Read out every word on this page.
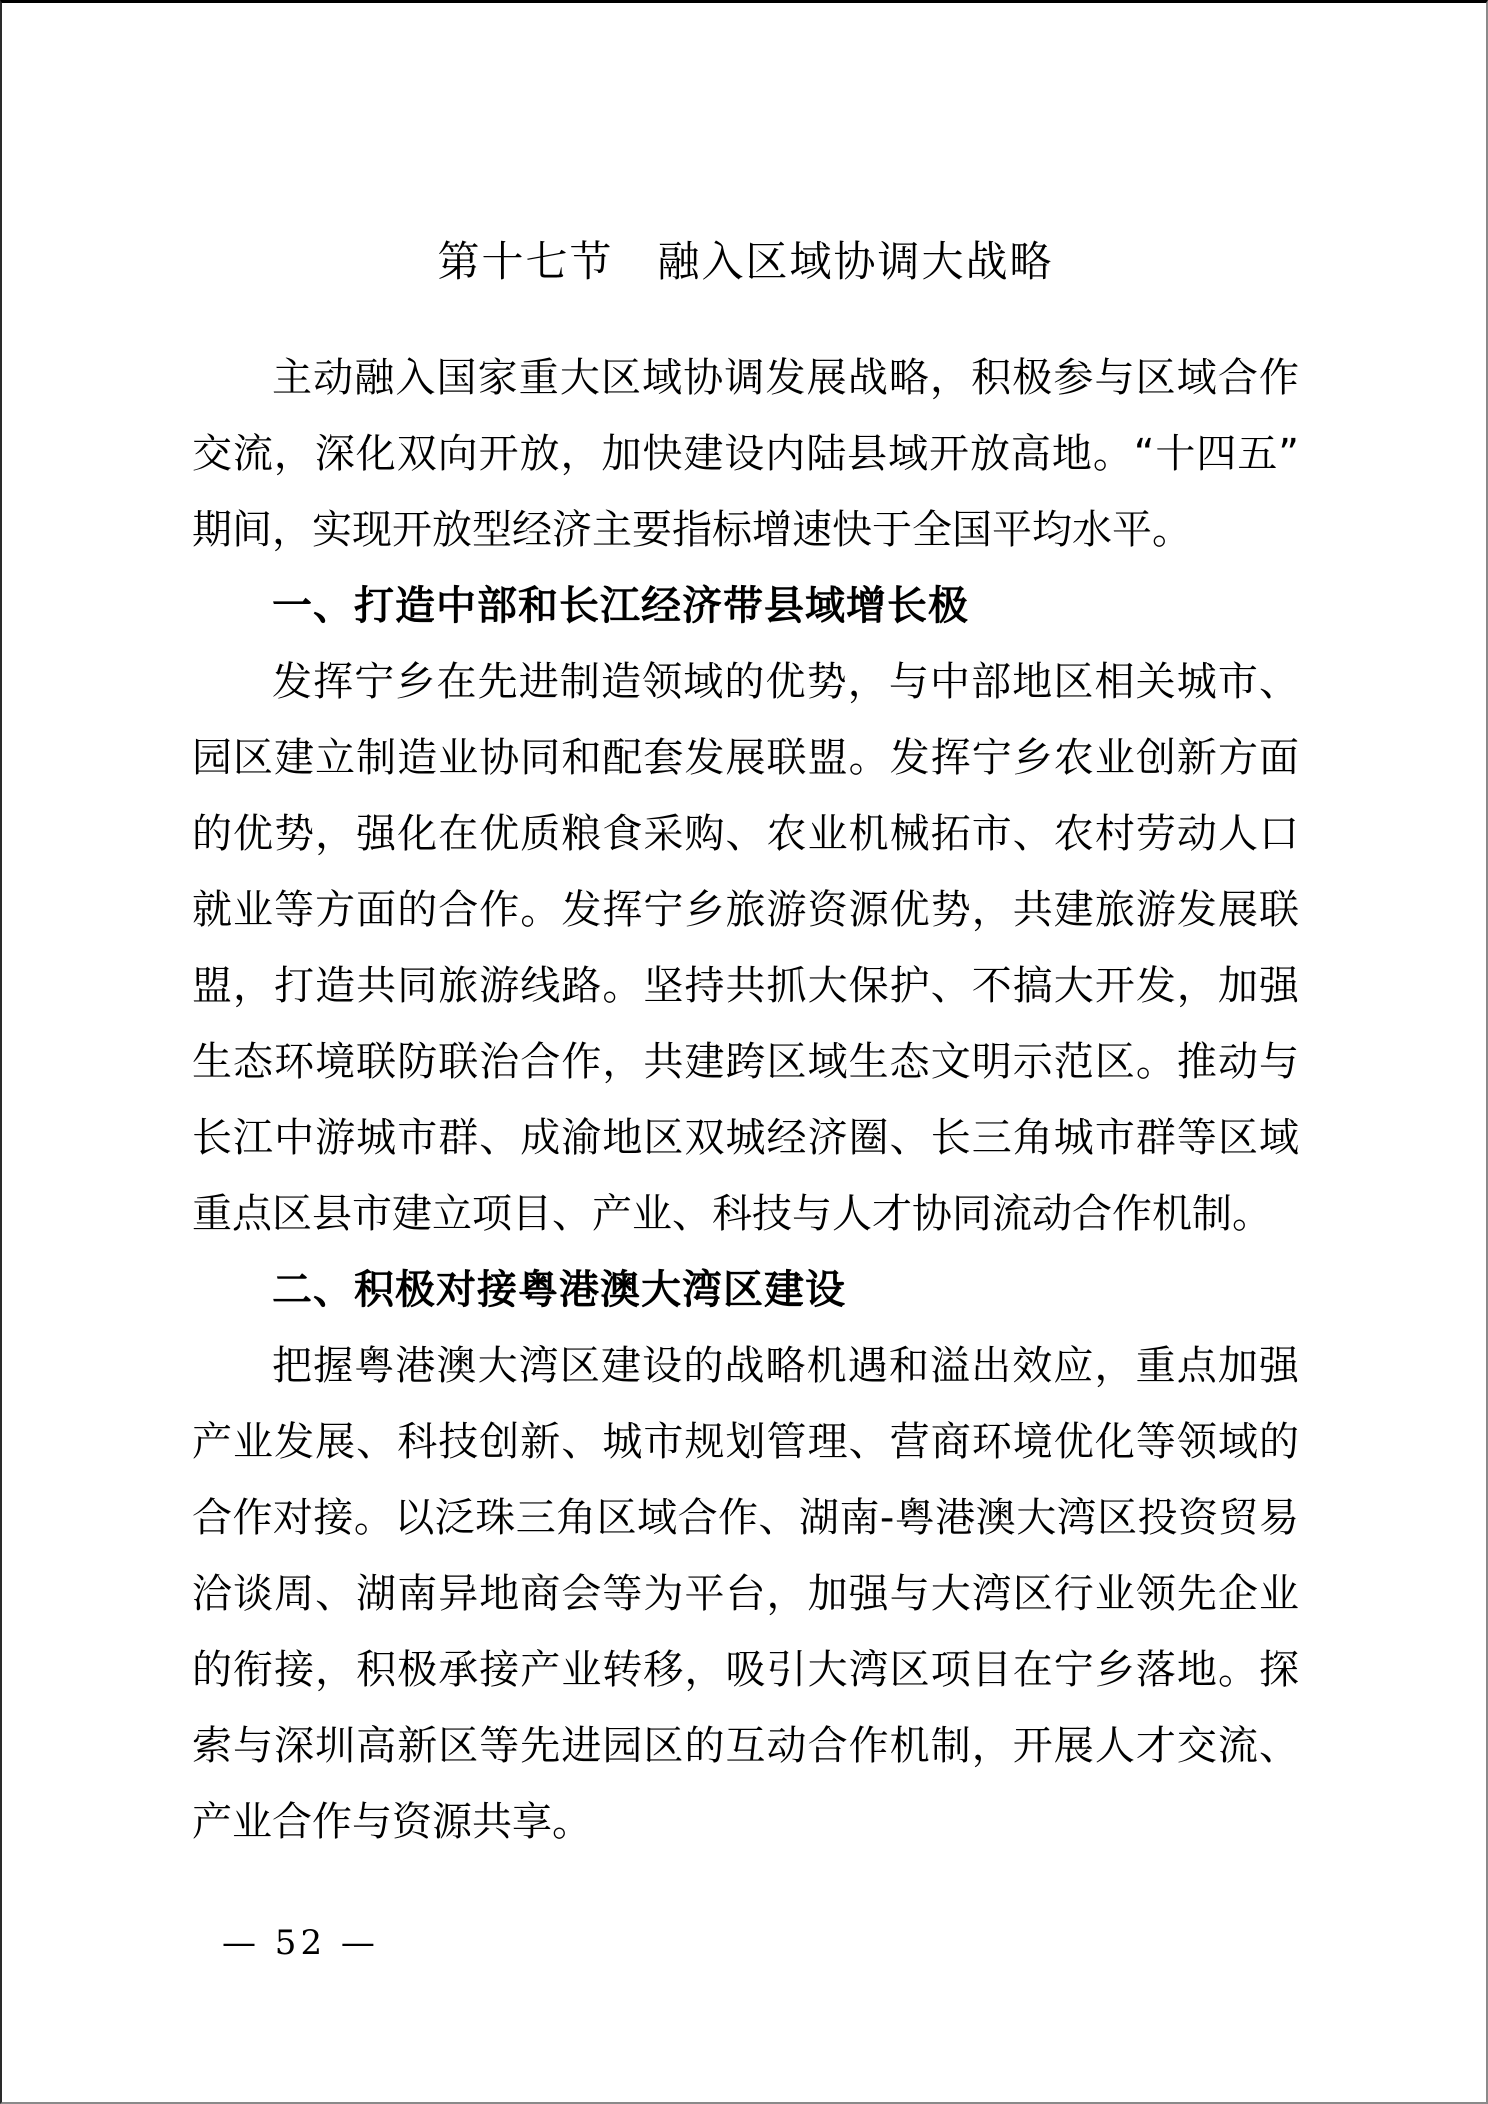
第十七节　融入区域协调大战略
主动融入国家重大区域协调发展战略，积极参与区域合作
交流，深化双向开放，加快建设内陆县域开放高地。“十四五”
期间，实现开放型经济主要指标增速快于全国平均水平。
一、打造中部和长江经济带县域增长极
发挥宁乡在先进制造领域的优势，与中部地区相关城市、
园区建立制造业协同和配套发展联盟。发挥宁乡农业创新方面
的优势，强化在优质粮食采购、农业机械拓市、农村劳动人口
就业等方面的合作。发挥宁乡旅游资源优势，共建旅游发展联
盟，打造共同旅游线路。坚持共抓大保护、不搞大开发，加强
生态环境联防联治合作，共建跨区域生态文明示范区。推动与
长江中游城市群、成渝地区双城经济圈、长三角城市群等区域
重点区县市建立项目、产业、科技与人才协同流动合作机制。
二、积极对接粤港澳大湾区建设
把握粤港澳大湾区建设的战略机遇和溢出效应，重点加强
产业发展、科技创新、城市规划管理、营商环境优化等领域的
合作对接。以泛珠三角区域合作、湖南-粤港澳大湾区投资贸易
洽谈周、湖南异地商会等为平台，加强与大湾区行业领先企业
的衔接，积极承接产业转移，吸引大湾区项目在宁乡落地。探
索与深圳高新区等先进园区的互动合作机制，开展人才交流、
产业合作与资源共享。
— 52 —
